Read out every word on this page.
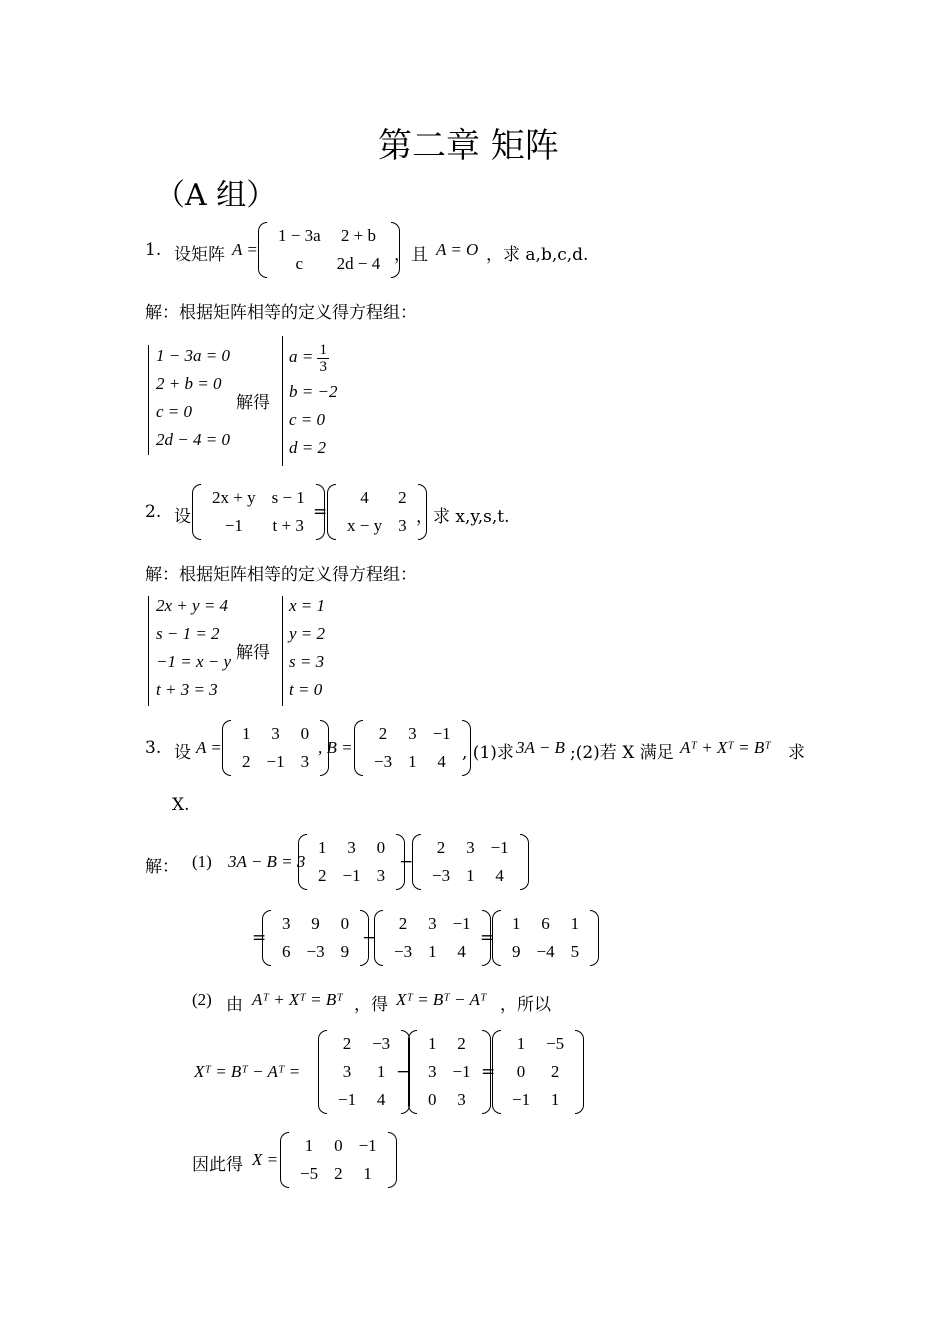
第二章 矩阵
（A 组）
1. 设矩阵 A =
1 − 3a	2 + b
c	2d − 4 ，且 A = O ，求 a,b,c,d.
解：根据矩阵相等的定义得方程组：
1 − 3a = 0
2 + b = 0
c = 0
2d − 4 = 0
解得
$a = \frac{1}{3}$
b = −2
c = 0
d = 2
2. 设
2x + y	s − 1
−1	t + 3
=
4	2
x − y	3 ，求 x,y,s,t.
解：根据矩阵相等的定义得方程组：
2x + y = 4
s − 1 = 2
−1 = x − y
t + 3 = 3
解得
x = 1
y = 2
s = 3
t = 0
3. 设 A =
1	3	0
2	−1	3
, B =
2	3	−1
−3	1	4 , (1)求 3A − B ;(2)若 X 满足 Aᵀ + Xᵀ = Bᵀ 求
X.
解： (1) 3A − B = 3
1	3	0
2	−1	3
−
2	3	−1
−3	1	4
=
3	9	0
6	−3	9
−
2	3	−1
−3	1	4
=
1	6	1
9	−4	5
(2) 由 Aᵀ + Xᵀ = Bᵀ ，得 Xᵀ = Bᵀ − Aᵀ ，所以
Xᵀ = Bᵀ − Aᵀ =
2	−3
3	1
−1	4
−
1	2
3	−1
0	3
=
1	−5
0	2
−1	1
因此得 X =
1	0	−1
−5	2	1
